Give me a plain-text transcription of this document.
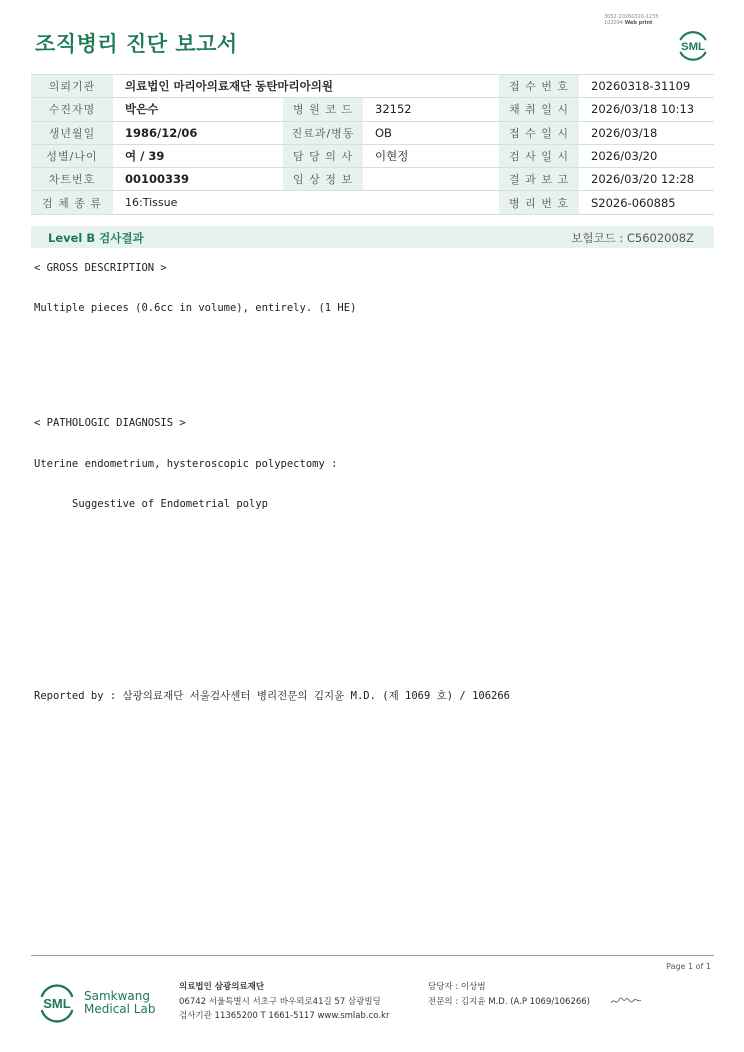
조직병리 진단 보고서
3052-20260320-1235
102094 Web print
SML
의뢰기관	의료법인 마리아의료재단 동탄마리아의원			접 수 번 호	20260318-31109
수진자명	박은수	병 원 코 드	32152	채 취 일 시	2026/03/18 10:13
생년월일	1986/12/06	진료과/병동	OB	접 수 일 시	2026/03/18
성별/나이	여 / 39	담 당 의 사	이현정	검 사 일 시	2026/03/20
차트번호	00100339	임 상 정 보		결 과 보 고	2026/03/20 12:28
검 체 종 류	16:Tissue			병 리 번 호	S2026-060885
Level B 검사결과	보험코드 : C5602008Z
< GROSS DESCRIPTION >
Multiple pieces (0.6cc in volume), entirely. (1 HE)
< PATHOLOGIC DIAGNOSIS >
Uterine endometrium, hysteroscopic polypectomy :
Suggestive of Endometrial polyp
Reported by : 삼광의료재단 서울검사센터 병리전문의 김지윤 M.D. (제 1069 호) / 106266
Page 1 of 1
SML Samkwang
Medical Lab
의료법인 삼광의료재단
06742 서울특별시 서초구 바우뫼로41길 57 삼광빌딩
검사기관 11365200 T 1661-5117 www.smlab.co.kr
담당자 : 이상범
전문의 : 김지윤 M.D. (A.P 1069/106266)
